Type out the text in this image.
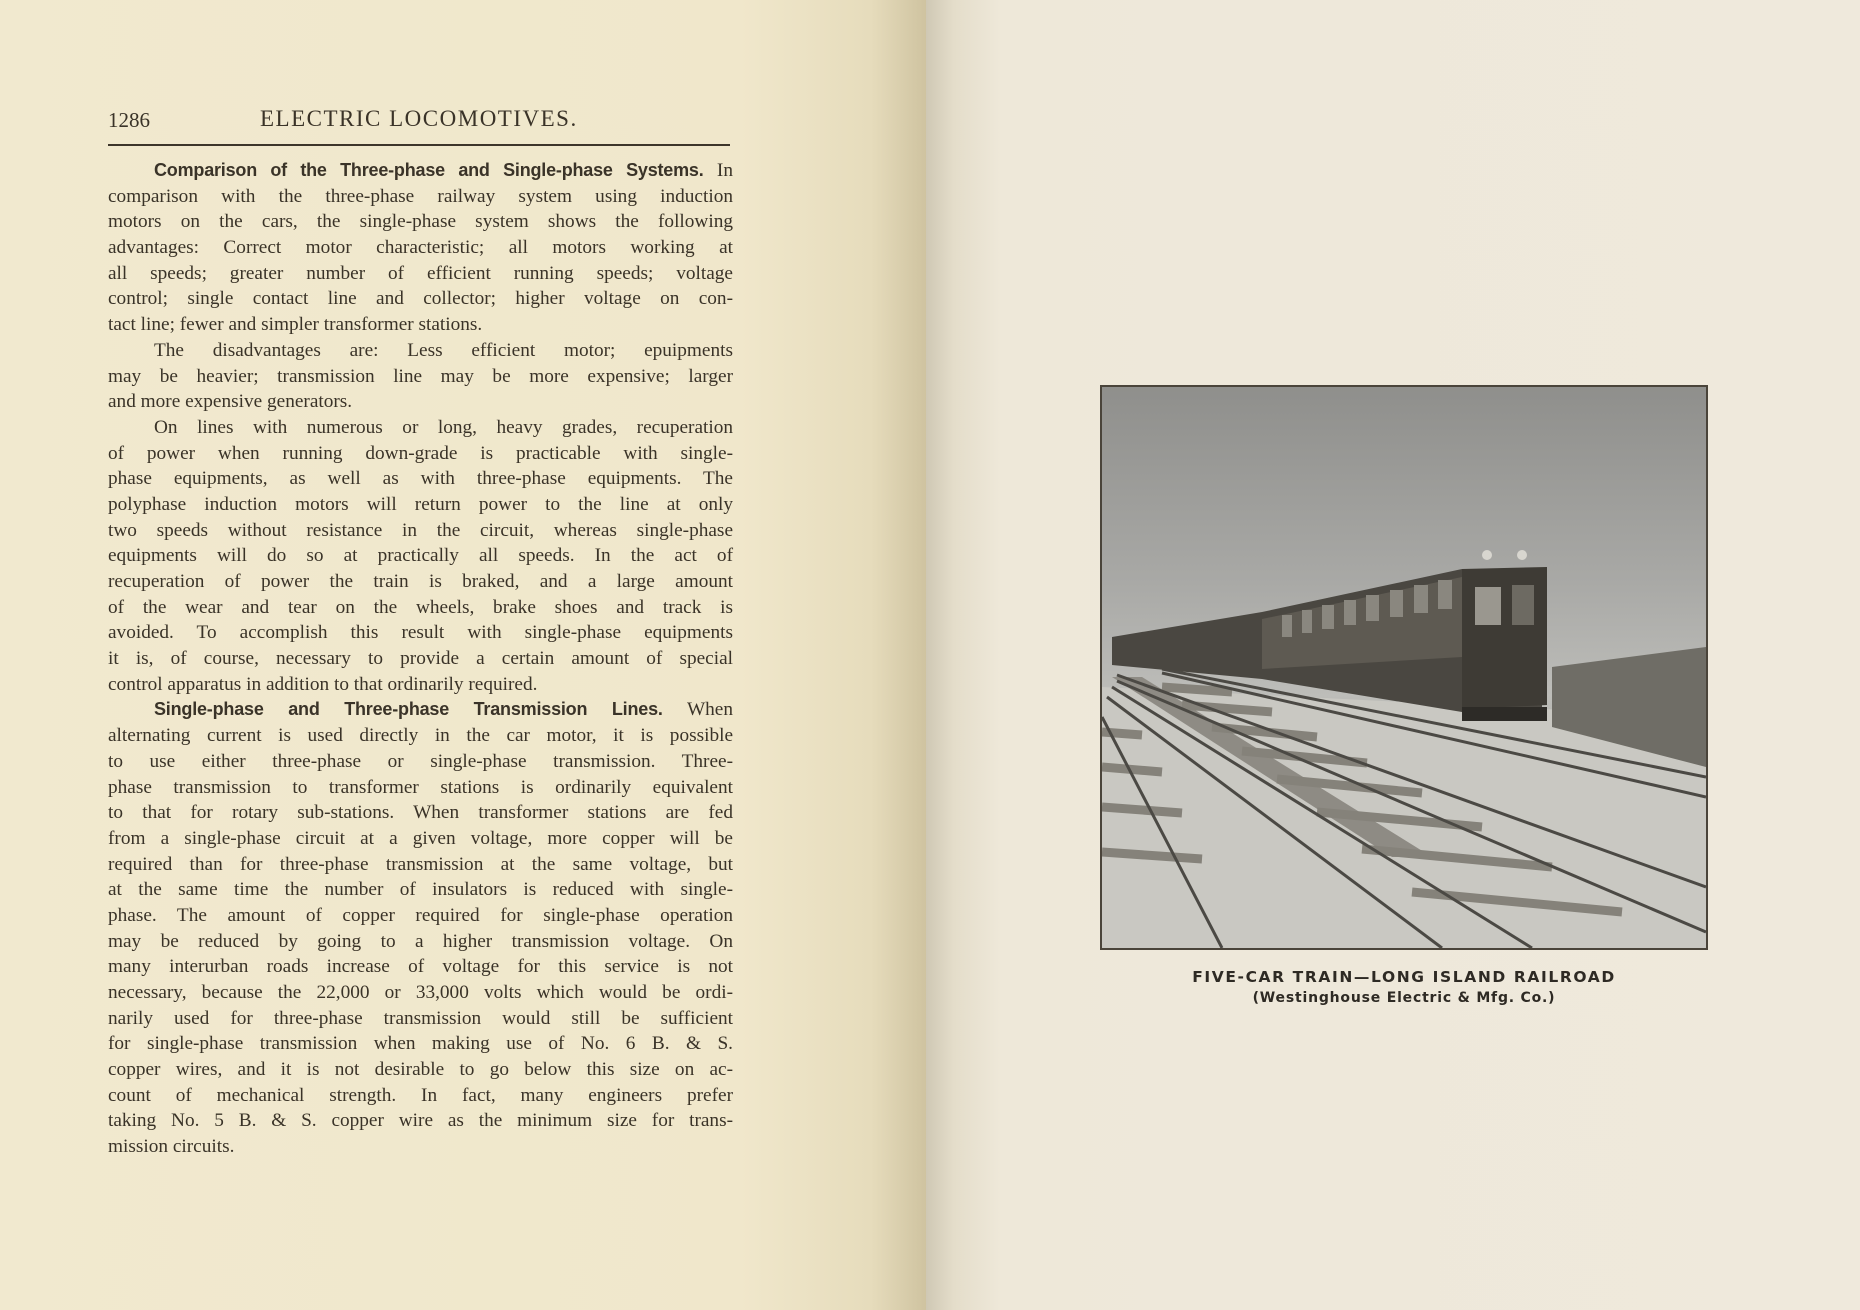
1286	ELECTRIC LOCOMOTIVES.
Comparison of the Three-phase and Single-phase Systems. In
comparison with the three-phase railway system using induction
motors on the cars, the single-phase system shows the following
advantages: Correct motor characteristic; all motors working at
all speeds; greater number of efficient running speeds; voltage
control; single contact line and collector; higher voltage on con-
tact line; fewer and simpler transformer stations.
The disadvantages are: Less efficient motor; epuipments
may be heavier; transmission line may be more expensive; larger
and more expensive generators.
On lines with numerous or long, heavy grades, recuperation
of power when running down-grade is practicable with single-
phase equipments, as well as with three-phase equipments. The
polyphase induction motors will return power to the line at only
two speeds without resistance in the circuit, whereas single-phase
equipments will do so at practically all speeds. In the act of
recuperation of power the train is braked, and a large amount
of the wear and tear on the wheels, brake shoes and track is
avoided. To accomplish this result with single-phase equipments
it is, of course, necessary to provide a certain amount of special
control apparatus in addition to that ordinarily required.
Single-phase and Three-phase Transmission Lines. When
alternating current is used directly in the car motor, it is possible
to use either three-phase or single-phase transmission. Three-
phase transmission to transformer stations is ordinarily equivalent
to that for rotary sub-stations. When transformer stations are fed
from a single-phase circuit at a given voltage, more copper will be
required than for three-phase transmission at the same voltage, but
at the same time the number of insulators is reduced with single-
phase. The amount of copper required for single-phase operation
may be reduced by going to a higher transmission voltage. On
many interurban roads increase of voltage for this service is not
necessary, because the 22,000 or 33,000 volts which would be ordi-
narily used for three-phase transmission would still be sufficient
for single-phase transmission when making use of No. 6 B. & S.
copper wires, and it is not desirable to go below this size on ac-
count of mechanical strength. In fact, many engineers prefer
taking No. 5 B. & S. copper wire as the minimum size for trans-
mission circuits.
FIVE-CAR TRAIN—LONG ISLAND RAILROAD
(Westinghouse Electric & Mfg. Co.)
